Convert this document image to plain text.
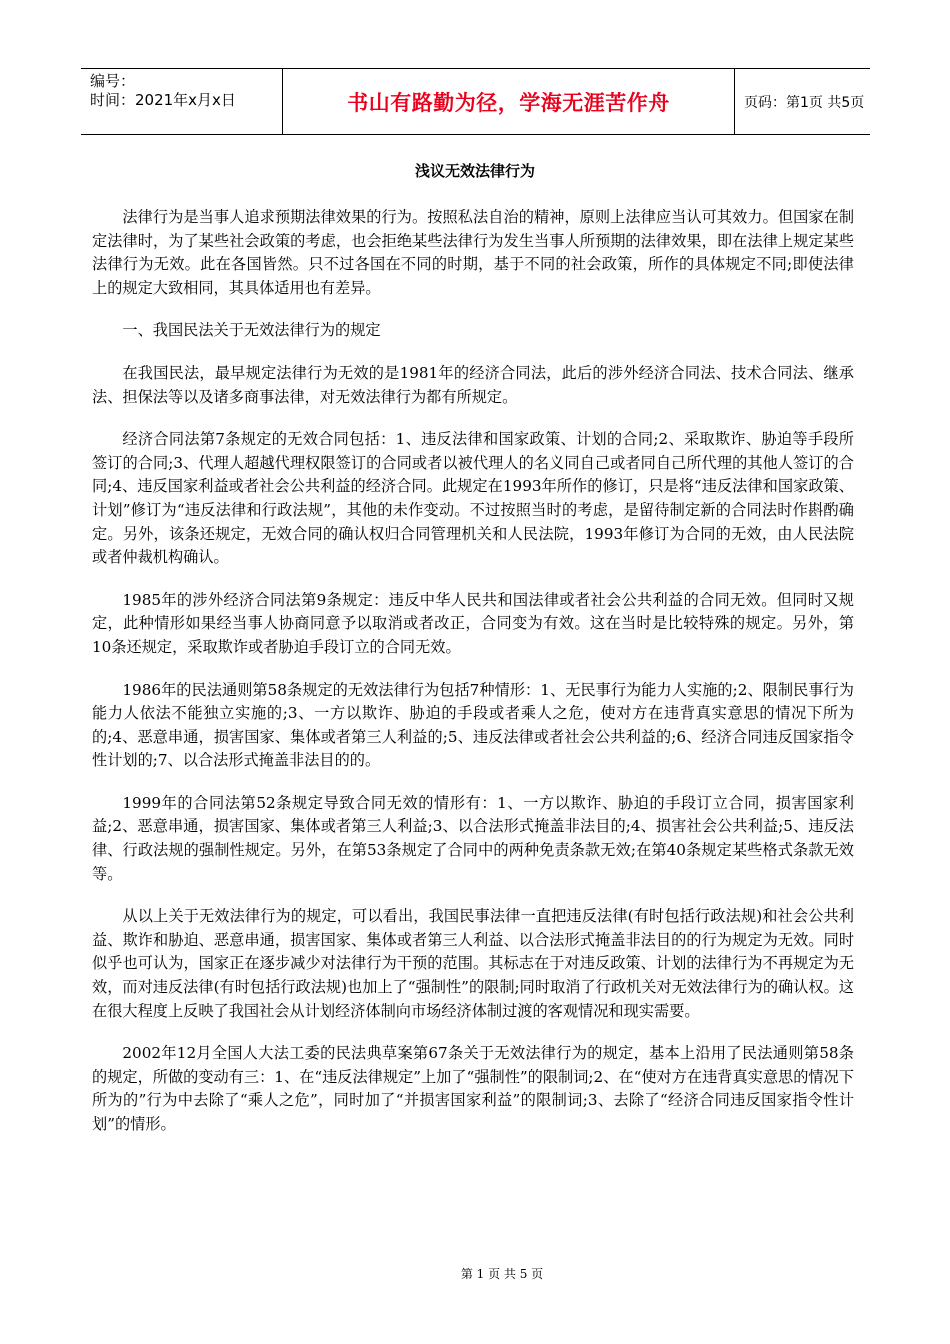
编号：
时间：2021年x月x日	书山有路勤为径，学海无涯苦作舟	页码：第1页 共5页
浅议无效法律行为

法律行为是当事人追求预期法律效果的行为。按照私法自治的精神，原则上法律应当认可其效力。但国家在制定法律时，为了某些社会政策的考虑，也会拒绝某些法律行为发生当事人所预期的法律效果，即在法律上规定某些法律行为无效。此在各国皆然。只不过各国在不同的时期，基于不同的社会政策，所作的具体规定不同;即使法律上的规定大致相同，其具体适用也有差异。

一、我国民法关于无效法律行为的规定

在我国民法，最早规定法律行为无效的是1981年的经济合同法，此后的涉外经济合同法、技术合同法、继承法、担保法等以及诸多商事法律，对无效法律行为都有所规定。

经济合同法第7条规定的无效合同包括：1、违反法律和国家政策、计划的合同;2、采取欺诈、胁迫等手段所签订的合同;3、代理人超越代理权限签订的合同或者以被代理人的名义同自己或者同自己所代理的其他人签订的合同;4、违反国家利益或者社会公共利益的经济合同。此规定在1993年所作的修订，只是将“违反法律和国家政策、计划”修订为“违反法律和行政法规”，其他的未作变动。不过按照当时的考虑，是留待制定新的合同法时作斟酌确定。另外，该条还规定，无效合同的确认权归合同管理机关和人民法院，1993年修订为合同的无效，由人民法院或者仲裁机构确认。

1985年的涉外经济合同法第9条规定：违反中华人民共和国法律或者社会公共利益的合同无效。但同时又规定，此种情形如果经当事人协商同意予以取消或者改正，合同变为有效。这在当时是比较特殊的规定。另外，第10条还规定，采取欺诈或者胁迫手段订立的合同无效。

1986年的民法通则第58条规定的无效法律行为包括7种情形：1、无民事行为能力人实施的;2、限制民事行为能力人依法不能独立实施的;3、一方以欺诈、胁迫的手段或者乘人之危，使对方在违背真实意思的情况下所为的;4、恶意串通，损害国家、集体或者第三人利益的;5、违反法律或者社会公共利益的;6、经济合同违反国家指令性计划的;7、以合法形式掩盖非法目的的。

1999年的合同法第52条规定导致合同无效的情形有：1、一方以欺诈、胁迫的手段订立合同，损害国家利益;2、恶意串通，损害国家、集体或者第三人利益;3、以合法形式掩盖非法目的;4、损害社会公共利益;5、违反法律、行政法规的强制性规定。另外，在第53条规定了合同中的两种免责条款无效;在第40条规定某些格式条款无效等。

从以上关于无效法律行为的规定，可以看出，我国民事法律一直把违反法律(有时包括行政法规)和社会公共利益、欺诈和胁迫、恶意串通，损害国家、集体或者第三人利益、以合法形式掩盖非法目的的行为规定为无效。同时似乎也可认为，国家正在逐步减少对法律行为干预的范围。其标志在于对违反政策、计划的法律行为不再规定为无效，而对违反法律(有时包括行政法规)也加上了“强制性”的限制;同时取消了行政机关对无效法律行为的确认权。这在很大程度上反映了我国社会从计划经济体制向市场经济体制过渡的客观情况和现实需要。

2002年12月全国人大法工委的民法典草案第67条关于无效法律行为的规定，基本上沿用了民法通则第58条的规定，所做的变动有三：1、在“违反法律规定”上加了“强制性”的限制词;2、在“使对方在违背真实意思的情况下所为的”行为中去除了“乘人之危”，同时加了“并损害国家利益”的限制词;3、去除了“经济合同违反国家指令性计划”的情形。

第 1 页 共 5 页
